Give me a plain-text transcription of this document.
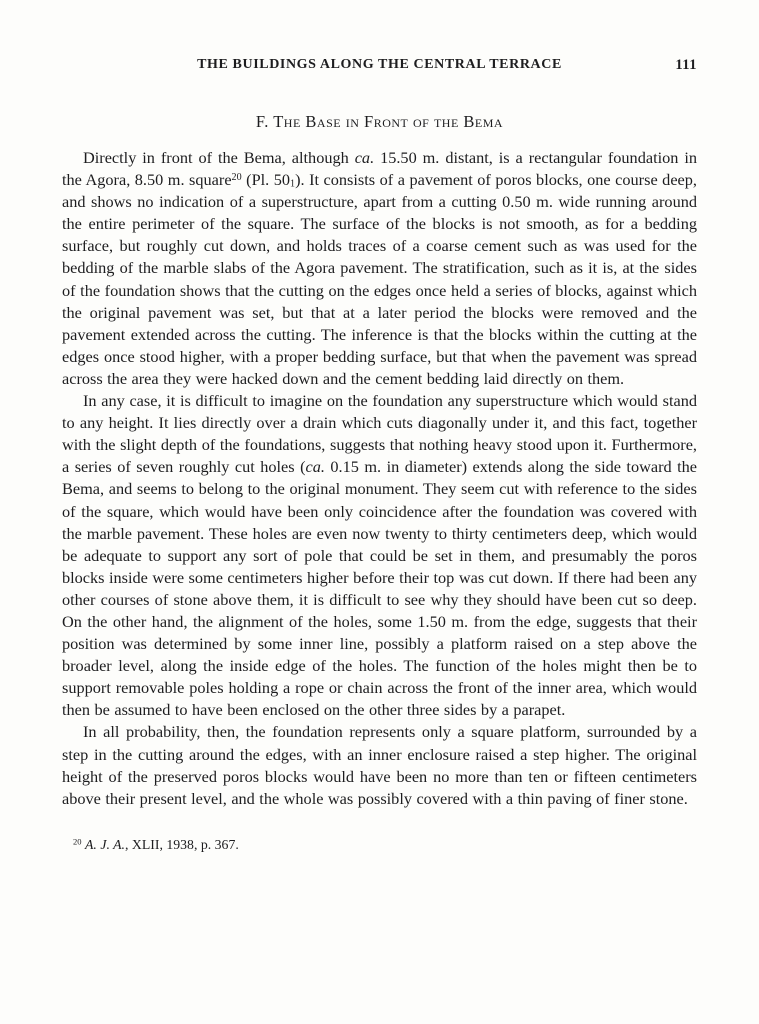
THE BUILDINGS ALONG THE CENTRAL TERRACE	111
F. The Base in Front of the Bema

Directly in front of the Bema, although ca. 15.50 m. distant, is a rectangular foundation in the Agora, 8.50 m. square$^{20}$ (Pl. $50_1$). It consists of a pavement of poros blocks, one course deep, and shows no indication of a superstructure, apart from a cutting 0.50 m. wide running around the entire perimeter of the square. The surface of the blocks is not smooth, as for a bedding surface, but roughly cut down, and holds traces of a coarse cement such as was used for the bedding of the marble slabs of the Agora pavement. The stratification, such as it is, at the sides of the foundation shows that the cutting on the edges once held a series of blocks, against which the original pavement was set, but that at a later period the blocks were removed and the pavement extended across the cutting. The inference is that the blocks within the cutting at the edges once stood higher, with a proper bedding surface, but that when the pavement was spread across the area they were hacked down and the cement bedding laid directly on them.

In any case, it is difficult to imagine on the foundation any superstructure which would stand to any height. It lies directly over a drain which cuts diagonally under it, and this fact, together with the slight depth of the foundations, suggests that nothing heavy stood upon it. Furthermore, a series of seven roughly cut holes (ca. 0.15 m. in diameter) extends along the side toward the Bema, and seems to belong to the original monument. They seem cut with reference to the sides of the square, which would have been only coincidence after the foundation was covered with the marble pavement. These holes are even now twenty to thirty centimeters deep, which would be adequate to support any sort of pole that could be set in them, and presumably the poros blocks inside were some centimeters higher before their top was cut down. If there had been any other courses of stone above them, it is difficult to see why they should have been cut so deep. On the other hand, the alignment of the holes, some 1.50 m. from the edge, suggests that their position was determined by some inner line, possibly a platform raised on a step above the broader level, along the inside edge of the holes. The function of the holes might then be to support removable poles holding a rope or chain across the front of the inner area, which would then be assumed to have been enclosed on the other three sides by a parapet.

In all probability, then, the foundation represents only a square platform, surrounded by a step in the cutting around the edges, with an inner enclosure raised a step higher. The original height of the preserved poros blocks would have been no more than ten or fifteen centimeters above their present level, and the whole was possibly covered with a thin paving of finer stone.

$^{20}$ A. J. A., XLII, 1938, p. 367.
